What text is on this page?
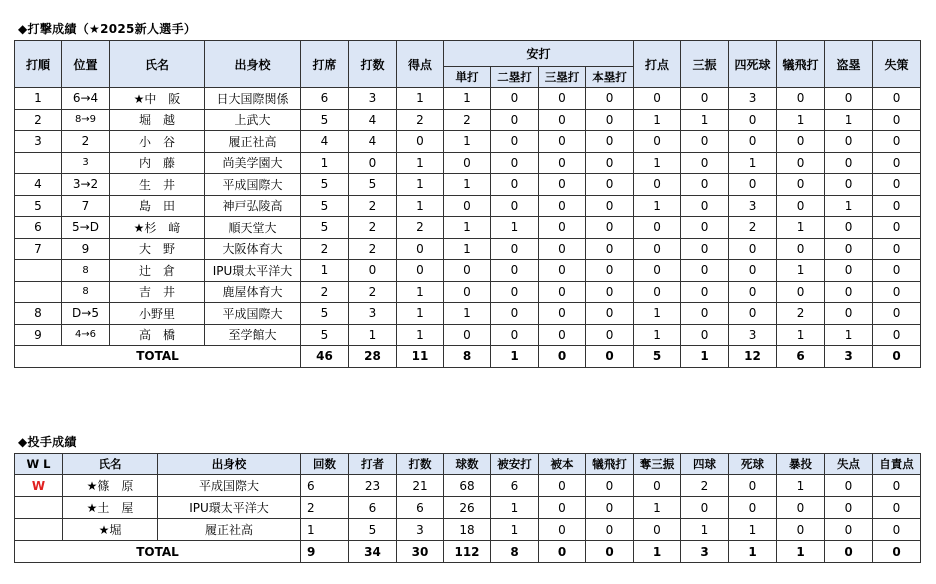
◆打撃成績（★2025新人選手）
打順	位置	氏名	出身校	打席	打数	得点	安打				打点	三振	四死球	犠飛打	盗塁	失策
							単打	二塁打	三塁打	本塁打						
1	6→4	★中　阪	日大国際関係	6	3	1	1	0	0	0	0	0	3	0	0	0
2	8→9	堀　越	上武大	5	4	2	2	0	0	0	1	1	0	1	1	0
3	2	小　谷	履正社高	4	4	0	1	0	0	0	0	0	0	0	0	0
	3	内　藤	尚美学園大	1	0	1	0	0	0	0	1	0	1	0	0	0
4	3→2	生　井	平成国際大	5	5	1	1	0	0	0	0	0	0	0	0	0
5	7	島　田	神戸弘陵高	5	2	1	0	0	0	0	1	0	3	0	1	0
6	5→D	★杉　﨑	順天堂大	5	2	2	1	1	0	0	0	0	2	1	0	0
7	9	大　野	大阪体育大	2	2	0	1	0	0	0	0	0	0	0	0	0
	8	辻　倉	IPU環太平洋大	1	0	0	0	0	0	0	0	0	0	1	0	0
	8	吉　井	鹿屋体育大	2	2	1	0	0	0	0	0	0	0	0	0	0
8	D→5	小野里	平成国際大	5	3	1	1	0	0	0	1	0	0	2	0	0
9	4→6	高　橋	至学館大	5	1	1	0	0	0	0	1	0	3	1	1	0
TOTAL				46	28	11	8	1	0	0	5	1	12	6	3	0
◆投手成績
W L	氏名	出身校	回数	打者	打数	球数	被安打	被本	犠飛打	奪三振	四球	死球	暴投	失点	自責点
W	★篠　原	平成国際大	6	23	21	68	6	0	0	0	2	0	1	0	0
	★土　屋	IPU環太平洋大	2	6	6	26	1	0	0	1	0	0	0	0	0
	★堀	履正社高	1	5	3	18	1	0	0	0	1	1	0	0	0
TOTAL			9	34	30	112	8	0	0	1	3	1	1	0	0
